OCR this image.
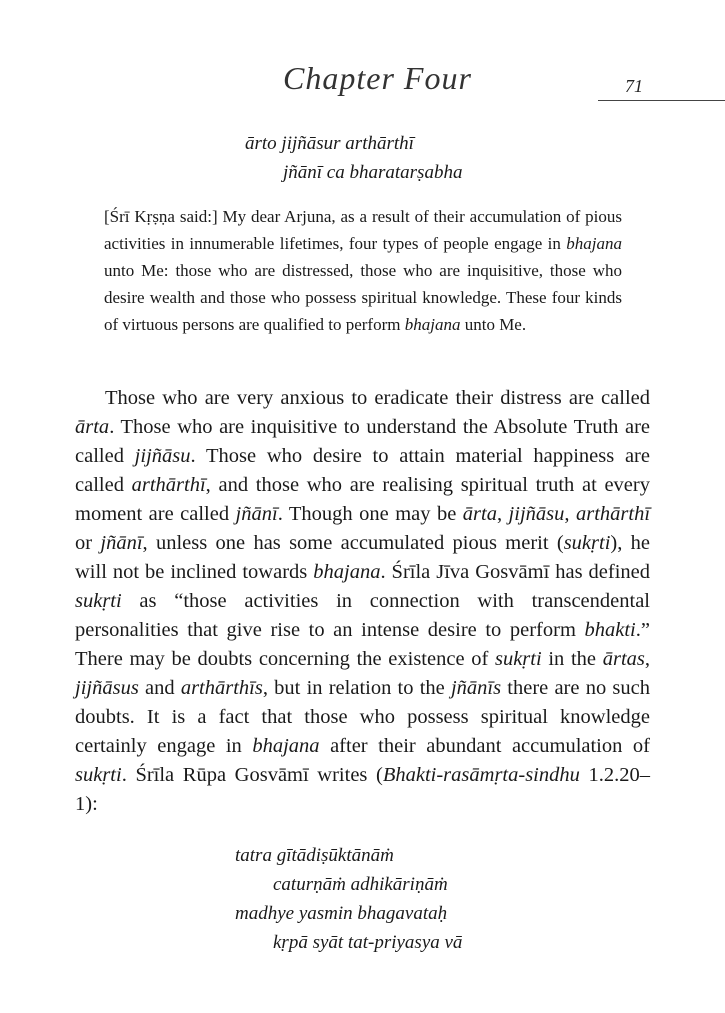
Chapter Four	71
ārto jijñāsur arthārthī
jñānī ca bharatarṣabha

[Śrī Kṛṣṇa said:] My dear Arjuna, as a result of their accumulation of pious activities in innumerable lifetimes, four types of people engage in bhajana unto Me: those who are distressed, those who are inquisitive, those who desire wealth and those who possess spiritual knowledge. These four kinds of virtuous persons are qualified to perform bhajana unto Me.

Those who are very anxious to eradicate their distress are called ārta. Those who are inquisitive to understand the Absolute Truth are called jijñāsu. Those who desire to attain material happiness are called arthārthī, and those who are realising spiritual truth at every moment are called jñānī. Though one may be ārta, jijñāsu, arthārthī or jñānī, unless one has some accumulated pious merit (sukṛti), he will not be inclined towards bhajana. Śrīla Jīva Gosvāmī has defined sukṛti as “those activities in connection with transcendental personalities that give rise to an intense desire to perform bhakti.” There may be doubts concerning the existence of sukṛti in the ārtas, jijñāsus and arthārthīs, but in relation to the jñānīs there are no such doubts. It is a fact that those who possess spiritual knowledge certainly engage in bhajana after their abundant accumulation of sukṛti. Śrīla Rūpa Gosvāmī writes (Bhakti-rasāmṛta-sindhu 1.2.20–1):

tatra gītādiṣūktānāṁ
caturṇāṁ adhikāriṇāṁ
madhye yasmin bhagavataḥ
kṛpā syāt tat-priyasya vā
